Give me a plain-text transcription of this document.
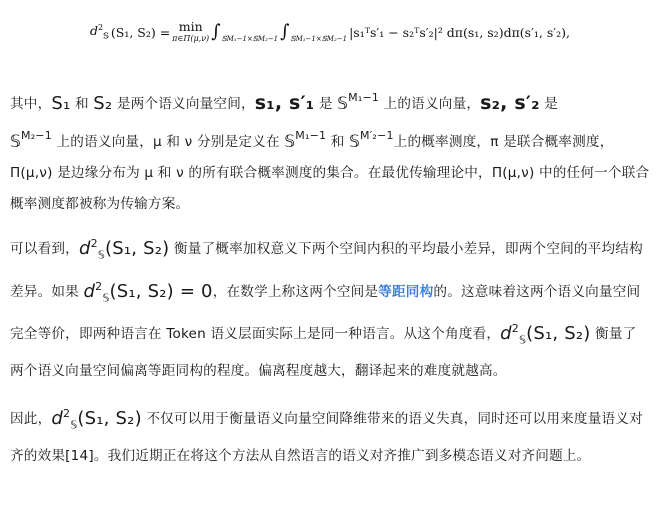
$d^2_𝕊$ (S₁, S₂) = min
π∈Π(μ,ν) ∫ 𝕊M₁−1×𝕊M₂−1 ∫ 𝕊M₁−1×𝕊M₂−1 |s₁ᵀs′₁ − s₂ᵀs′₂|² dπ(s₁, s₂)dπ(s′₁, s′₂),

其中，S₁ 和 S₂ 是两个语义向量空间，s₁, s′₁ 是 𝕊$^{M_1-1}$ 上的语义向量，s₂, s′₂ 是
𝕊$^{M_2-1}$ 上的语义向量，μ 和 ν 分别是定义在 𝕊$^{M_1-1}$ 和 𝕊$^{M'_2-1}$上的概率测度，π 是联合概率测度，Π(μ,ν) 是边缘分布为 μ 和 ν 的所有联合概率测度的集合。在最优传输理论中，Π(μ,ν) 中的任何一个联合概率测度都被称为传输方案。

可以看到，$d^2_𝕊(S_1$, S₂) 衡量了概率加权意义下两个空间内积的平均最小差异，即两个空间的平均结构差异。如果 $d^2_𝕊(S_1$, S₂) = 0，在数学上称这两个空间是等距同构的。这意味着这两个语义向量空间完全等价，即两种语言在 Token 语义层面实际上是同一种语言。从这个角度看，$d^2_𝕊(S_1$, S₂) 衡量了两个语义向量空间偏离等距同构的程度。偏离程度越大，翻译起来的难度就越高。

因此，$d^2_𝕊(S_1$, S₂) 不仅可以用于衡量语义向量空间降维带来的语义失真，同时还可以用来度量语义对齐的效果[14]。我们近期正在将这个方法从自然语言的语义对齐推广到多模态语义对齐问题上。
